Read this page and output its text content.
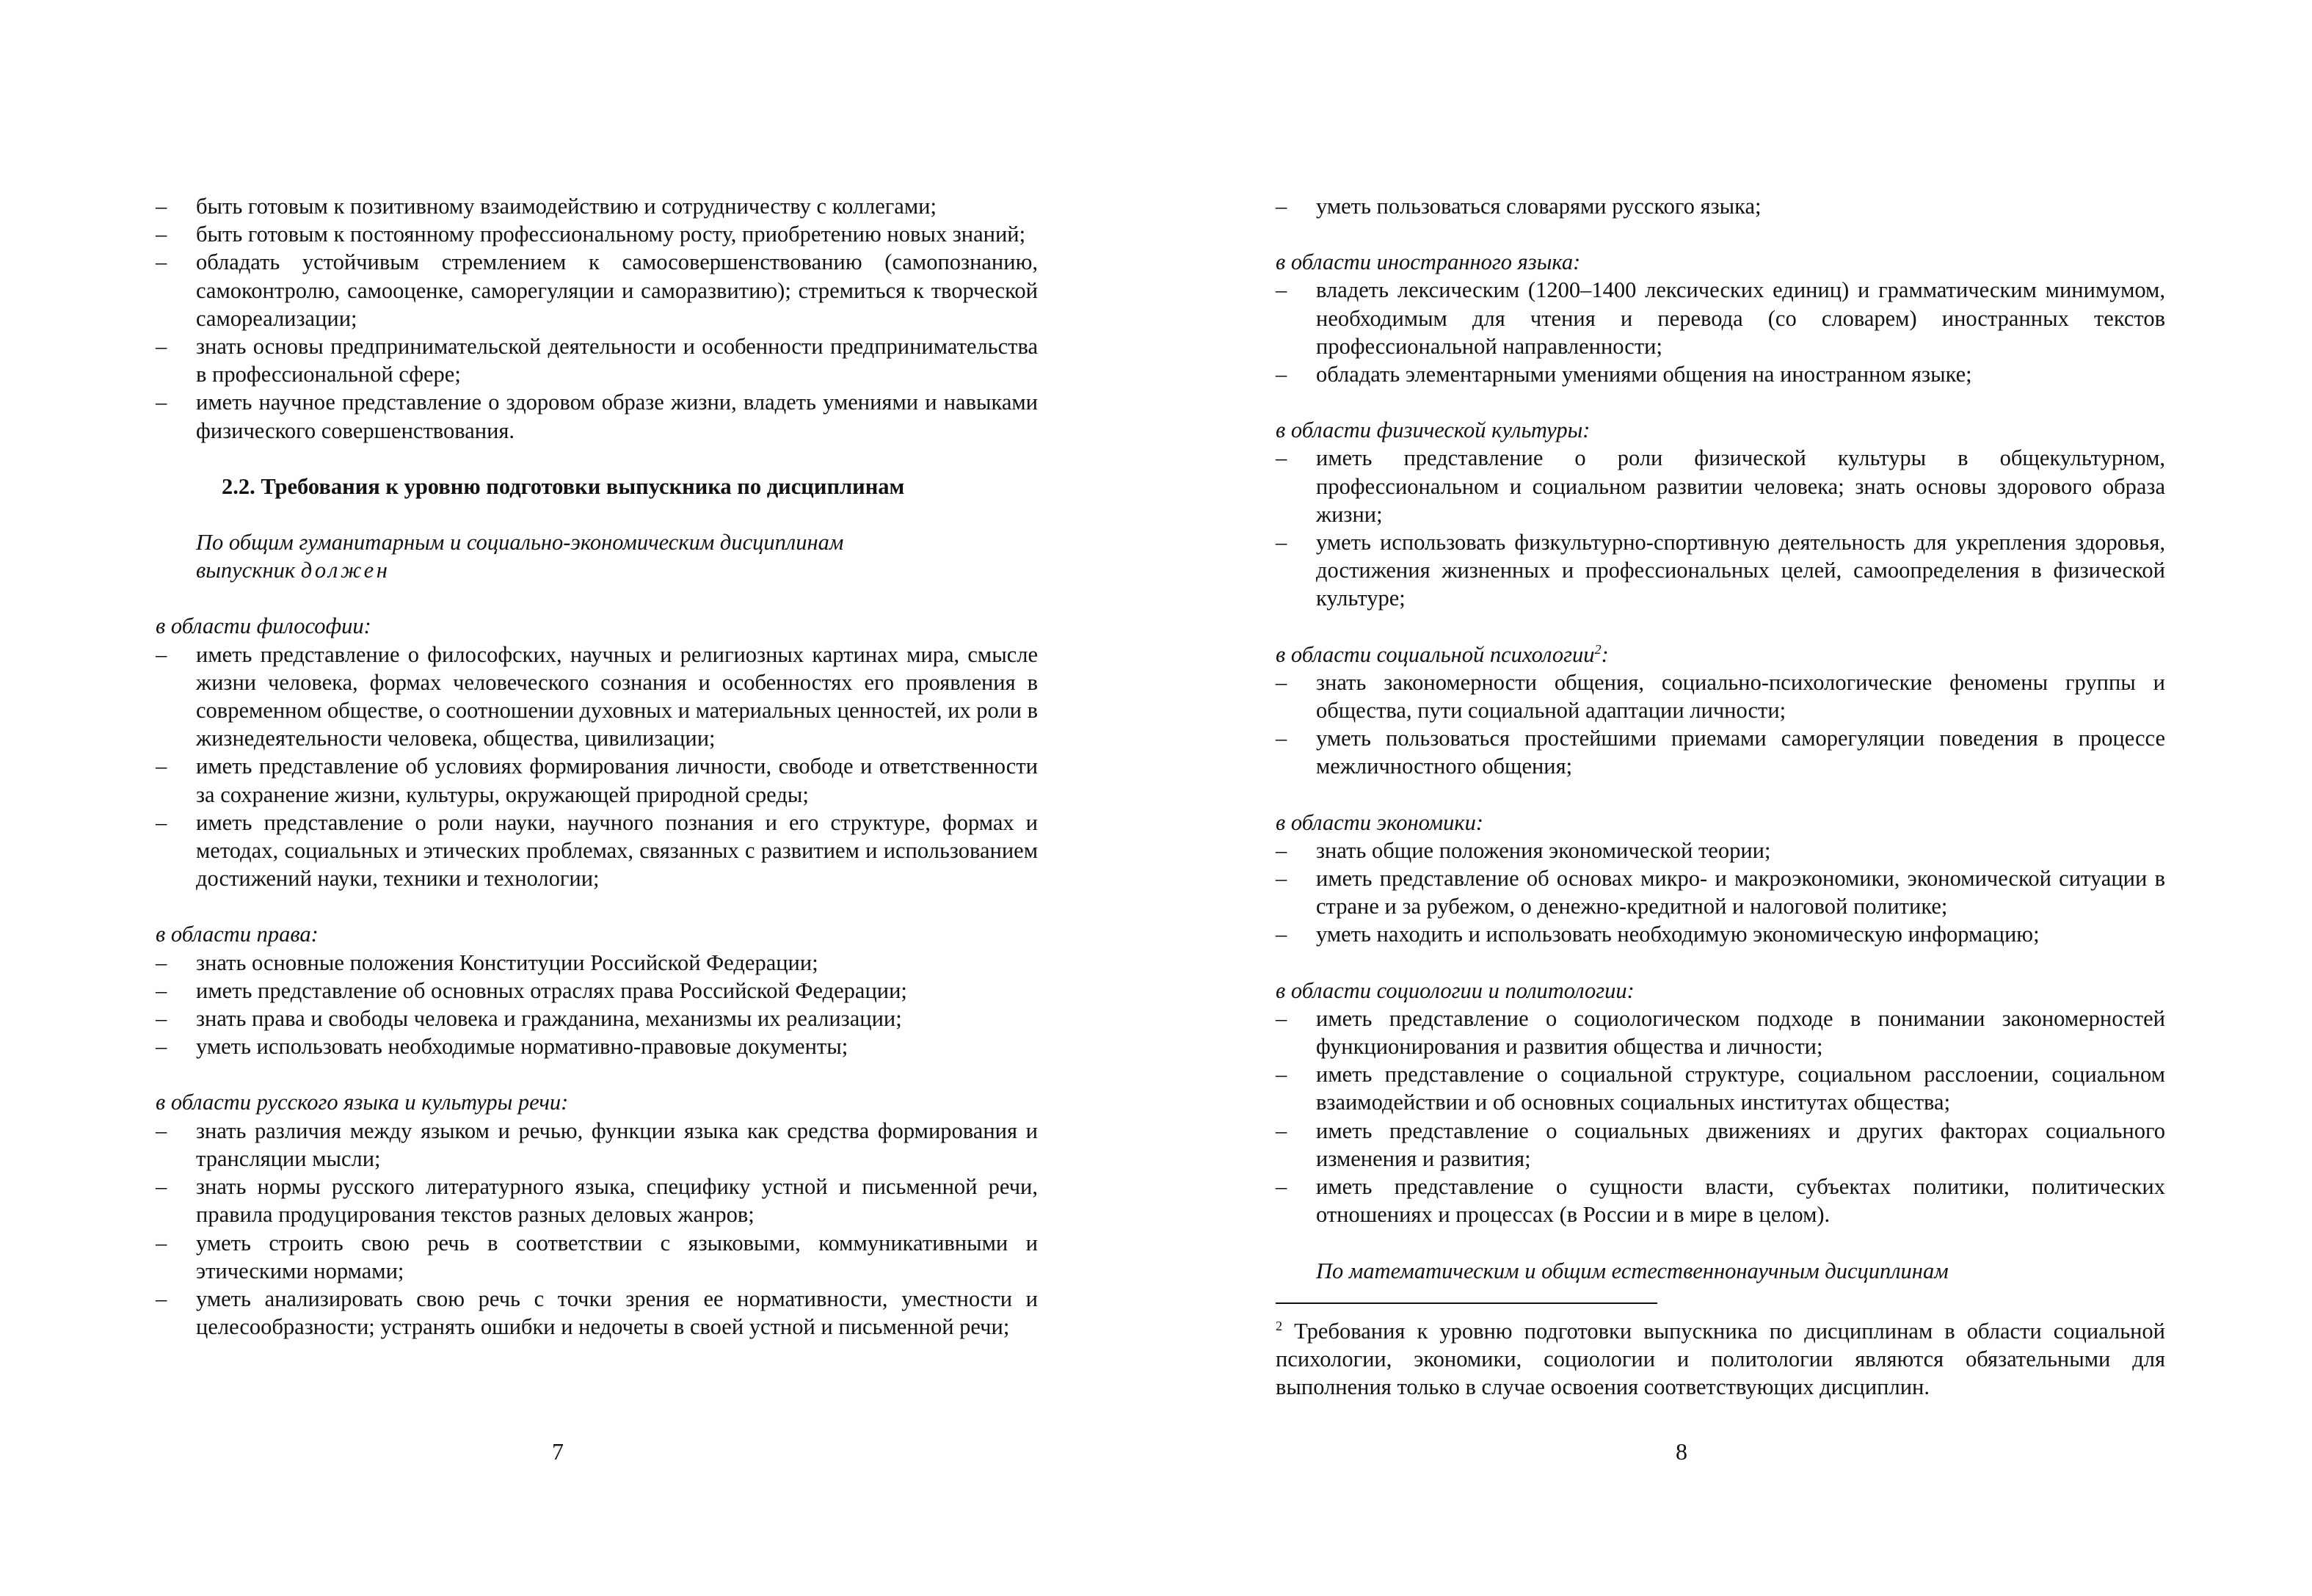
– быть готовым к позитивному взаимодействию и сотрудничеству с коллегами;
– быть готовым к постоянному профессиональному росту, приобретению новых знаний;
– обладать устойчивым стремлением к самосовершенствованию (самопознанию, самоконтролю, самооценке, саморегуляции и саморазвитию); стремиться к творческой самореализации;
– знать основы предпринимательской деятельности и особенности предпринимательства в профессиональной сфере;
– иметь научное представление о здоровом образе жизни, владеть умениями и навыками физического совершенствования.
2.2. Требования к уровню подготовки выпускника по дисциплинам
По общим гуманитарным и социально-экономическим дисциплинам
выпускник должен
в области философии:
– иметь представление о философских, научных и религиозных картинах мира, смысле жизни человека, формах человеческого сознания и особенностях его проявления в современном обществе, о соотношении духовных и материальных ценностей, их роли в жизнедеятельности человека, общества, цивилизации;
– иметь представление об условиях формирования личности, свободе и ответственности за сохранение жизни, культуры, окружающей природной среды;
– иметь представление о роли науки, научного познания и его структуре, формах и методах, социальных и этических проблемах, связанных с развитием и использованием достижений науки, техники и технологии;
в области права:
– знать основные положения Конституции Российской Федерации;
– иметь представление об основных отраслях права Российской Федерации;
– знать права и свободы человека и гражданина, механизмы их реализации;
– уметь использовать необходимые нормативно-правовые документы;
в области русского языка и культуры речи:
– знать различия между языком и речью, функции языка как средства формирования и трансляции мысли;
– знать нормы русского литературного языка, специфику устной и письменной речи, правила продуцирования текстов разных деловых жанров;
– уметь строить свою речь в соответствии с языковыми, коммуникативными и этическими нормами;
– уметь анализировать свою речь с точки зрения ее нормативности, уместности и целесообразности; устранять ошибки и недочеты в своей устной и письменной речи;
7
– уметь пользоваться словарями русского языка;
в области иностранного языка:
– владеть лексическим (1200–1400 лексических единиц) и грамматическим минимумом, необходимым для чтения и перевода (со словарем) иностранных текстов профессиональной направленности;
– обладать элементарными умениями общения на иностранном языке;
в области физической культуры:
– иметь представление о роли физической культуры в общекультурном, профессиональном и социальном развитии человека; знать основы здорового образа жизни;
– уметь использовать физкультурно-спортивную деятельность для укрепления здоровья, достижения жизненных и профессиональных целей, самоопределения в физической культуре;
в области социальной психологии$^2$:
– знать закономерности общения, социально-психологические феномены группы и общества, пути социальной адаптации личности;
– уметь пользоваться простейшими приемами саморегуляции поведения в процессе межличностного общения;
в области экономики:
– знать общие положения экономической теории;
– иметь представление об основах микро- и макроэкономики, экономической ситуации в стране и за рубежом, о денежно-кредитной и налоговой политике;
– уметь находить и использовать необходимую экономическую информацию;
в области социологии и политологии:
– иметь представление о социологическом подходе в понимании закономерностей функционирования и развития общества и личности;
– иметь представление о социальной структуре, социальном расслоении, социальном взаимодействии и об основных социальных институтах общества;
– иметь представление о социальных движениях и других факторах социального изменения и развития;
– иметь представление о сущности власти, субъектах политики, политических отношениях и процессах (в России и в мире в целом).
По математическим и общим естественнонаучным дисциплинам
$^2$ Требования к уровню подготовки выпускника по дисциплинам в области социальной психологии, экономики, социологии и политологии являются обязательными для выполнения только в случае освоения соответствующих дисциплин.
8
